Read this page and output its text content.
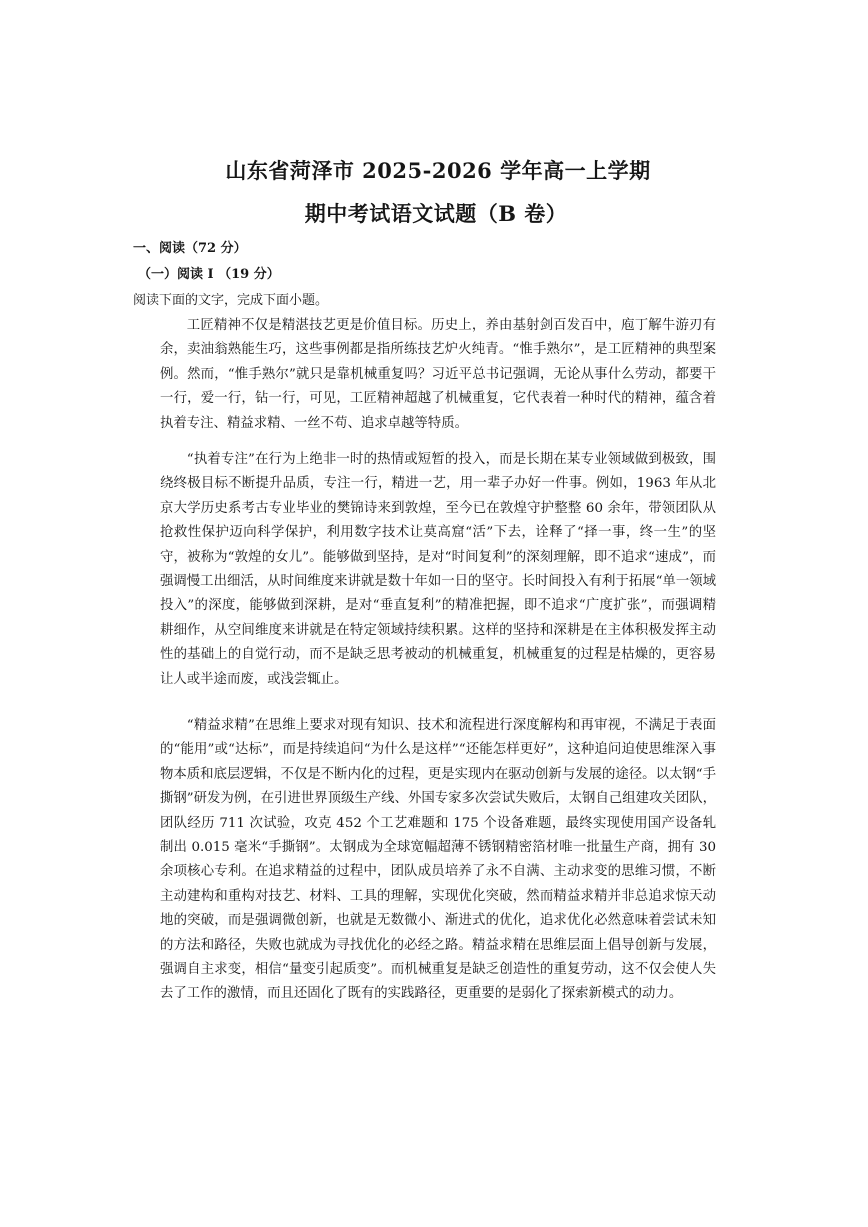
山东省菏泽市 2025-2026 学年高一上学期
期中考试语文试题（B 卷）
一、阅读（72 分）
（一）阅读 I （19 分）
阅读下面的文字，完成下面小题。

工匠精神不仅是精湛技艺更是价值目标。历史上，养由基射剑百发百中，庖丁解牛游刃有余，卖油翁熟能生巧，这些事例都是指所练技艺炉火纯青。“惟手熟尔”，是工匠精神的典型案例。然而，“惟手熟尔”就只是靠机械重复吗？习近平总书记强调，无论从事什么劳动，都要干一行，爱一行，钻一行，可见，工匠精神超越了机械重复，它代表着一种时代的精神，蕴含着执着专注、精益求精、一丝不苟、追求卓越等特质。

“执着专注”在行为上绝非一时的热情或短暂的投入，而是长期在某专业领域做到极致，围绕终极目标不断提升品质，专注一行，精进一艺，用一辈子办好一件事。例如，1963 年从北京大学历史系考古专业毕业的樊锦诗来到敦煌，至今已在敦煌守护整整 60 余年，带领团队从抢救性保护迈向科学保护，利用数字技术让莫高窟“活”下去，诠释了“择一事，终一生”的坚守，被称为“敦煌的女儿”。能够做到坚持，是对“时间复利”的深刻理解，即不追求“速成”，而强调慢工出细活，从时间维度来讲就是数十年如一日的坚守。长时间投入有利于拓展“单一领域投入”的深度，能够做到深耕，是对“垂直复利”的精准把握，即不追求“广度扩张”，而强调精耕细作，从空间维度来讲就是在特定领域持续积累。这样的坚持和深耕是在主体积极发挥主动性的基础上的自觉行动，而不是缺乏思考被动的机械重复，机械重复的过程是枯燥的，更容易让人或半途而废，或浅尝辄止。

“精益求精”在思维上要求对现有知识、技术和流程进行深度解构和再审视，不满足于表面的“能用”或“达标”，而是持续追问“为什么是这样”“还能怎样更好”，这种追问迫使思维深入事物本质和底层逻辑，不仅是不断内化的过程，更是实现内在驱动创新与发展的途径。以太钢“手撕钢”研发为例，在引进世界顶级生产线、外国专家多次尝试失败后，太钢自己组建攻关团队，团队经历 711 次试验，攻克 452 个工艺难题和 175 个设备难题，最终实现使用国产设备轧制出 0.015 毫米“手撕钢”。太钢成为全球宽幅超薄不锈钢精密箔材唯一批量生产商，拥有 30 余项核心专利。在追求精益的过程中，团队成员培养了永不自满、主动求变的思维习惯，不断主动建构和重构对技艺、材料、工具的理解，实现优化突破，然而精益求精并非总追求惊天动地的突破，而是强调微创新，也就是无数微小、渐进式的优化，追求优化必然意味着尝试未知的方法和路径，失败也就成为寻找优化的必经之路。精益求精在思维层面上倡导创新与发展，强调自主求变，相信“量变引起质变”。而机械重复是缺乏创造性的重复劳动，这不仅会使人失去了工作的激情，而且还固化了既有的实践路径，更重要的是弱化了探索新模式的动力。
